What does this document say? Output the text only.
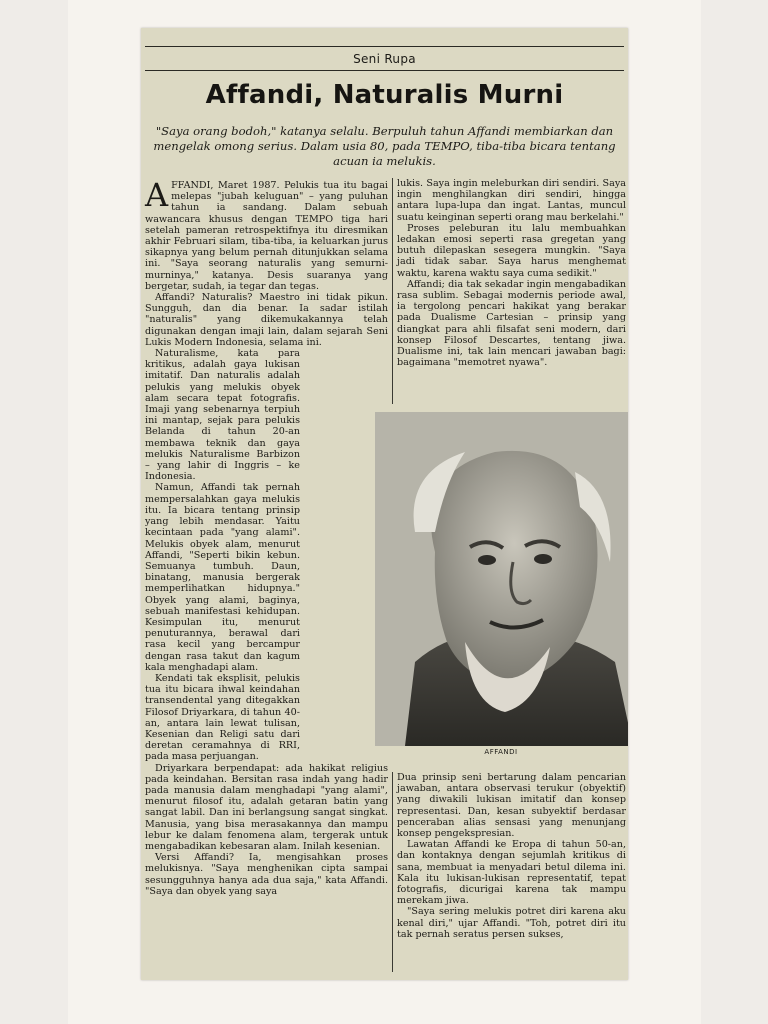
Seni Rupa
Affandi, Naturalis Murni
"Saya orang bodoh," katanya selalu. Berpuluh tahun Affandi membiarkan dan mengelak omong serius. Dalam usia 80, pada TEMPO, tiba-tiba bicara tentang acuan ia melukis.

AFFANDI, Maret 1987. Pelukis tua itu bagai melepas "jubah keluguan" – yang puluhan tahun ia sandang. Dalam sebuah wawancara khusus dengan TEMPO tiga hari setelah pameran retrospektifnya itu diresmikan akhir Februari silam, tiba-tiba, ia keluarkan jurus sikapnya yang belum pernah ditunjukkan selama ini. "Saya seorang naturalis yang semurni-murninya," katanya. Desis suaranya yang bergetar, sudah, ia tegar dan tegas.

Affandi? Naturalis? Maestro ini tidak pikun. Sungguh, dan dia benar. Ia sadar istilah "naturalis" yang dikemukakannya telah digunakan dengan imaji lain, dalam sejarah Seni Lukis Modern Indonesia, selama ini.

Naturalisme, kata para kritikus, adalah gaya lukisan imitatif. Dan naturalis adalah pelukis yang melukis obyek alam secara tepat fotografis. Imaji yang sebenarnya terpiuh ini mantap, sejak para pelukis Belanda di tahun 20-an membawa teknik dan gaya melukis Naturalisme Barbizon – yang lahir di Inggris – ke Indonesia.

Namun, Affandi tak pernah mempersalahkan gaya melukis itu. Ia bicara tentang prinsip yang lebih mendasar. Yaitu kecintaan pada "yang alami". Melukis obyek alam, menurut Affandi, "Seperti bikin kebun. Semuanya tumbuh. Daun, binatang, manusia bergerak memperlihatkan hidupnya." Obyek yang alami, baginya, sebuah manifestasi kehidupan. Kesimpulan itu, menurut penuturannya, berawal dari rasa kecil yang bercampur dengan rasa takut dan kagum kala menghadapi alam.

Kendati tak eksplisit, pelukis tua itu bicara ihwal keindahan transendental yang ditegakkan Filosof Driyarkara, di tahun 40-an, antara lain lewat tulisan, Kesenian dan Religi satu dari deretan ceramahnya di RRI, pada masa perjuangan.

Driyarkara berpendapat: ada hakikat religius pada keindahan. Bersitan rasa indah yang hadir pada manusia dalam menghadapi "yang alami", menurut filosof itu, adalah getaran batin yang sangat labil. Dan ini berlangsung sangat singkat. Manusia, yang bisa merasakannya dan mampu lebur ke dalam fenomena alam, tergerak untuk mengabadikan kebesaran alam. Inilah kesenian.

Versi Affandi? Ia, mengisahkan proses melukisnya. "Saya menghenikan cipta sampai sesungguhnya hanya ada dua saja," kata Affandi. "Saya dan obyek yang saya

lukis. Saya ingin meleburkan diri sendiri. Saya ingin menghilangkan diri sendiri, hingga antara lupa-lupa dan ingat. Lantas, muncul suatu keinginan seperti orang mau berkelahi."

Proses peleburan itu lalu membuahkan ledakan emosi seperti rasa gregetan yang butuh dilepaskan sesegera mungkin. "Saya jadi tidak sabar. Saya harus menghemat waktu, karena waktu saya cuma sedikit."

Affandi; dia tak sekadar ingin mengabadikan rasa sublim. Sebagai modernis periode awal, ia tergolong pencari hakikat yang berakar pada Dualisme Cartesian – prinsip yang diangkat para ahli filsafat seni modern, dari konsep Filosof Descartes, tentang jiwa. Dualisme ini, tak lain mencari jawaban bagi: bagaimana "memotret nyawa".

AFFANDI

Dua prinsip seni bertarung dalam pencarian jawaban, antara observasi terukur (obyektif) yang diwakili lukisan imitatif dan konsep representasi. Dan, kesan subyektif berdasar penceraban alias sensasi yang menunjang konsep pengekspresian.

Lawatan Affandi ke Eropa di tahun 50-an, dan kontaknya dengan sejumlah kritikus di sana, membuat ia menyadari betul dilema ini. Kala itu lukisan-lukisan representatif, tepat fotografis, dicurigai karena tak mampu merekam jiwa.

"Saya sering melukis potret diri karena aku kenal diri," ujar Affandi. "Toh, potret diri itu tak pernah seratus persen sukses,
